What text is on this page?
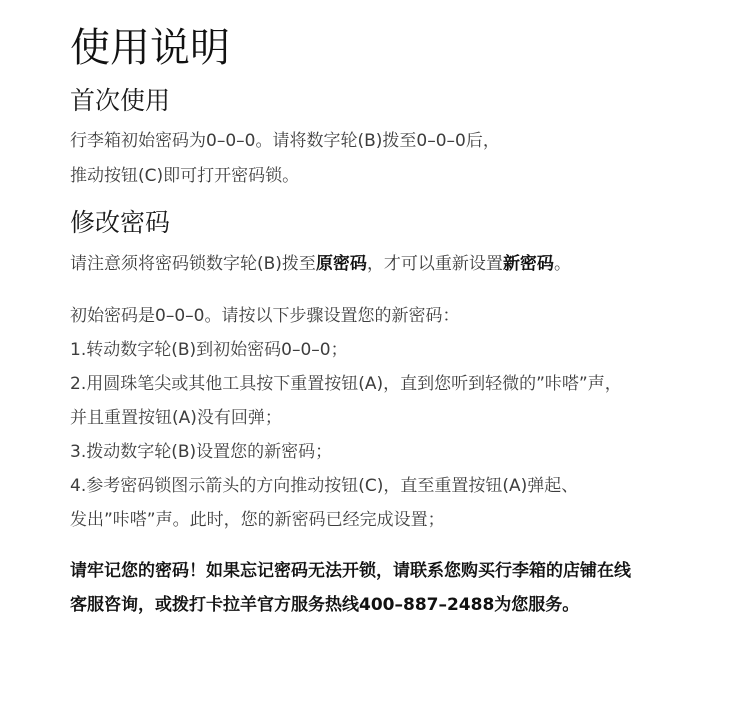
使用说明
首次使用

行李箱初始密码为0–0–0。请将数字轮(B)拨至0–0–0后，

推动按钮(C)即可打开密码锁。

修改密码

请注意须将密码锁数字轮(B)拨至原密码，才可以重新设置新密码。

初始密码是0–0–0。请按以下步骤设置您的新密码：

1.转动数字轮(B)到初始密码0–0–0；

2.用圆珠笔尖或其他工具按下重置按钮(A)，直到您听到轻微的”咔嗒”声，

并且重置按钮(A)没有回弹；

3.拨动数字轮(B)设置您的新密码；

4.参考密码锁图示箭头的方向推动按钮(C)，直至重置按钮(A)弹起、

发出”咔嗒”声。此时，您的新密码已经完成设置；

请牢记您的密码！如果忘记密码无法开锁，请联系您购买行李箱的店铺在线

客服咨询，或拨打卡拉羊官方服务热线400–887–2488为您服务。
